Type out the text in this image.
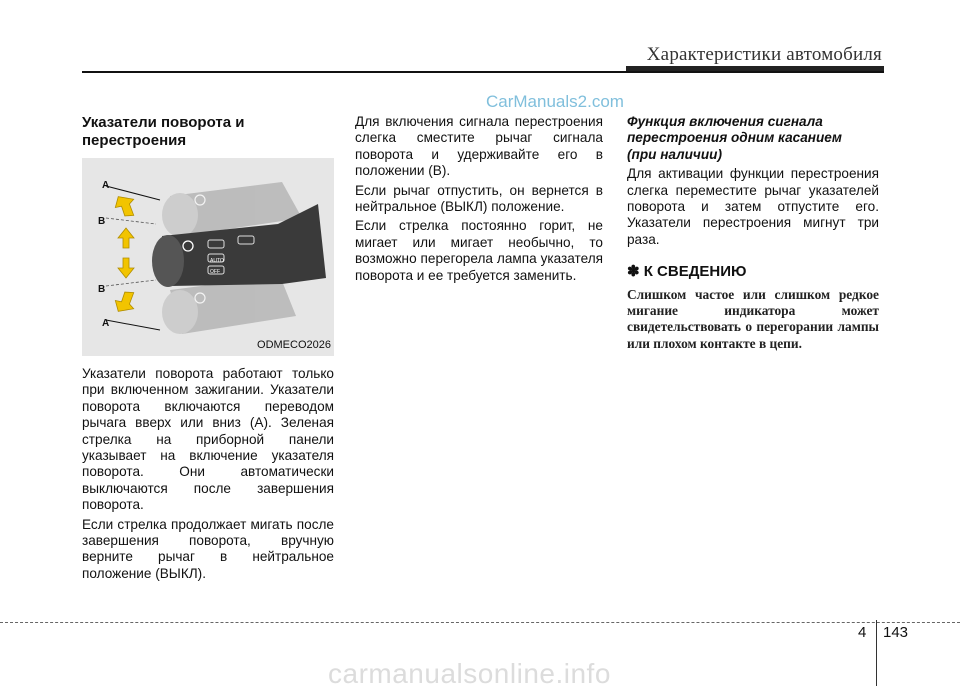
Характеристики автомобиля
CarManuals2.com
Указатели поворота и
перестроения
AUTO
OFF
A
B
B
A
ODMECO2026

Указатели поворота работают только при включенном зажигании. Указатели поворота включаются переводом рычага вверх или вниз (A). Зеленая стрелка на приборной панели указывает на включение указателя поворота. Они автоматически выключаются после завершения поворота.

Если стрелка продолжает мигать после завершения поворота, вручную верните рычаг в нейтральное положение (ВЫКЛ).

Для включения сигнала перестроения слегка сместите рычаг сигнала поворота и удерживайте его в положении (B).

Если рычаг отпустить, он вернется в нейтральное (ВЫКЛ) положение.

Если стрелка постоянно горит, не мигает или мигает необычно, то возможно перегорела лампа указателя поворота и ее требуется заменить.

Функция включения сигнала
перестроения одним касанием
(при наличии)

Для активации функции перестроения слегка переместите рычаг указателей поворота и затем отпустите его. Указатели перестроения мигнут три раза.

✽ К СВЕДЕНИЮ
Слишком частое или слишком редкое мигание индикатора может свидетельствовать о перегорании лампы или плохом контакте в цепи.
4 143
carmanualsonline.info
